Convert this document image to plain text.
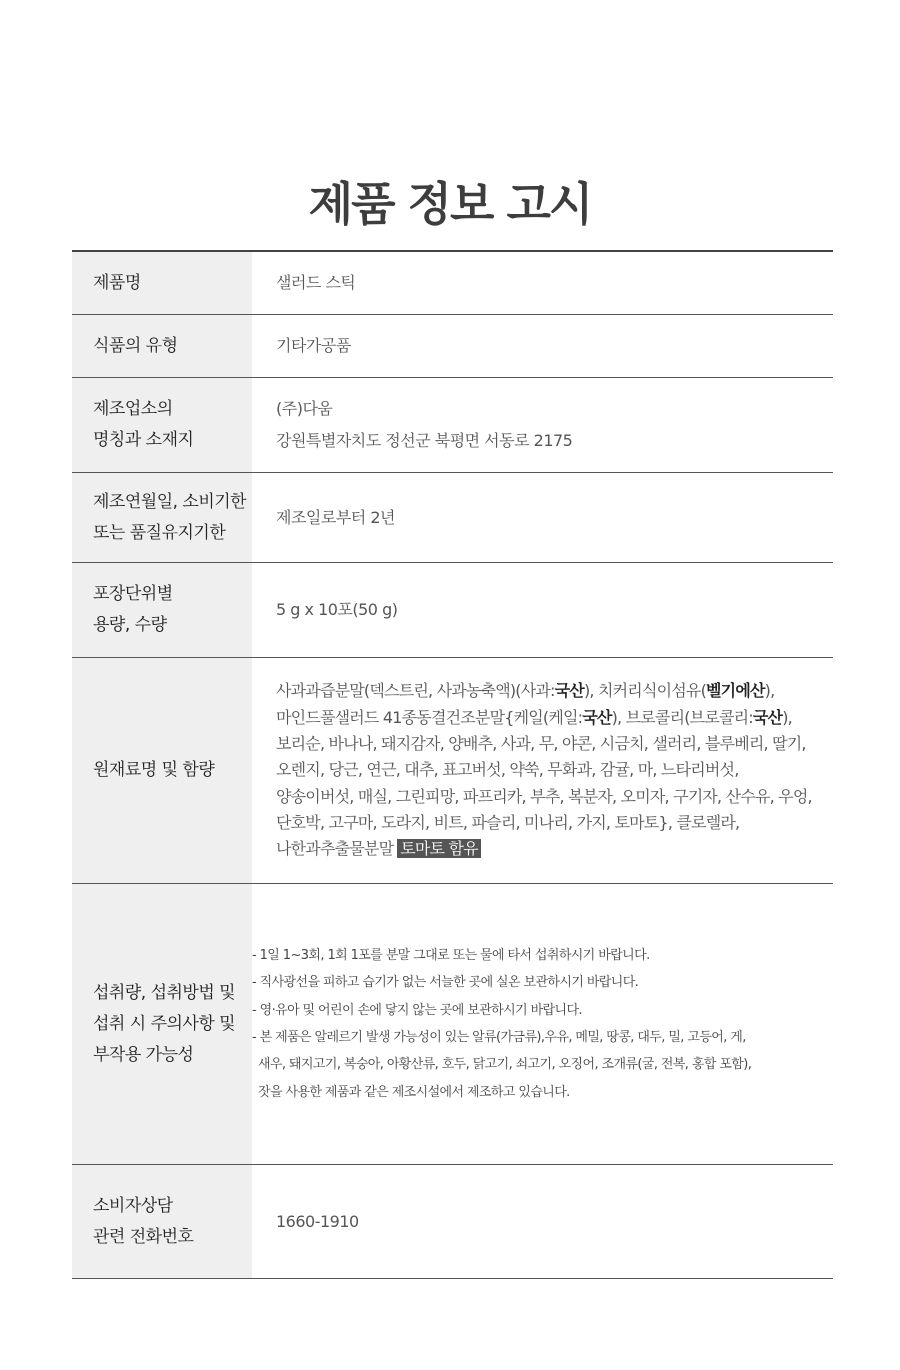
제품 정보 고시
제품명	샐러드 스틱
식품의 유형	기타가공품
제조업소의
명칭과 소재지
(주)다움
강원특별자치도 정선군 북평면 서동로 2175
제조연월일, 소비기한
또는 품질유지기한
제조일로부터 2년
포장단위별
용량, 수량
5 g x 10포(50 g)
원재료명 및 함량
사과과즙분말(덱스트린, 사과농축액)(사과:국산), 치커리식이섬유(벨기에산),
마인드풀샐러드 41종동결건조분말{케일(케일:국산), 브로콜리(브로콜리:국산),
보리순, 바나나, 돼지감자, 양배추, 사과, 무, 야콘, 시금치, 샐러리, 블루베리, 딸기,
오렌지, 당근, 연근, 대추, 표고버섯, 약쑥, 무화과, 감귤, 마, 느타리버섯,
양송이버섯, 매실, 그린피망, 파프리카, 부추, 복분자, 오미자, 구기자, 산수유, 우엉,
단호박, 고구마, 도라지, 비트, 파슬리, 미나리, 가지, 토마토}, 클로렐라,
나한과추출물분말 토마토 함유
섭취량, 섭취방법 및
섭취 시 주의사항 및
부작용 가능성
- 1일 1~3회, 1회 1포를 분말 그대로 또는 물에 타서 섭취하시기 바랍니다.
- 직사광선을 피하고 습기가 없는 서늘한 곳에 실온 보관하시기 바랍니다.
- 영·유아 및 어린이 손에 닿지 않는 곳에 보관하시기 바랍니다.
- 본 제품은 알레르기 발생 가능성이 있는 알류(가금류),우유, 메밀, 땅콩, 대두, 밀, 고등어, 게,
새우, 돼지고기, 복숭아, 아황산류, 호두, 닭고기, 쇠고기, 오징어, 조개류(굴, 전복, 홍합 포함),
잣을 사용한 제품과 같은 제조시설에서 제조하고 있습니다.
소비자상담
관련 전화번호
1660-1910
